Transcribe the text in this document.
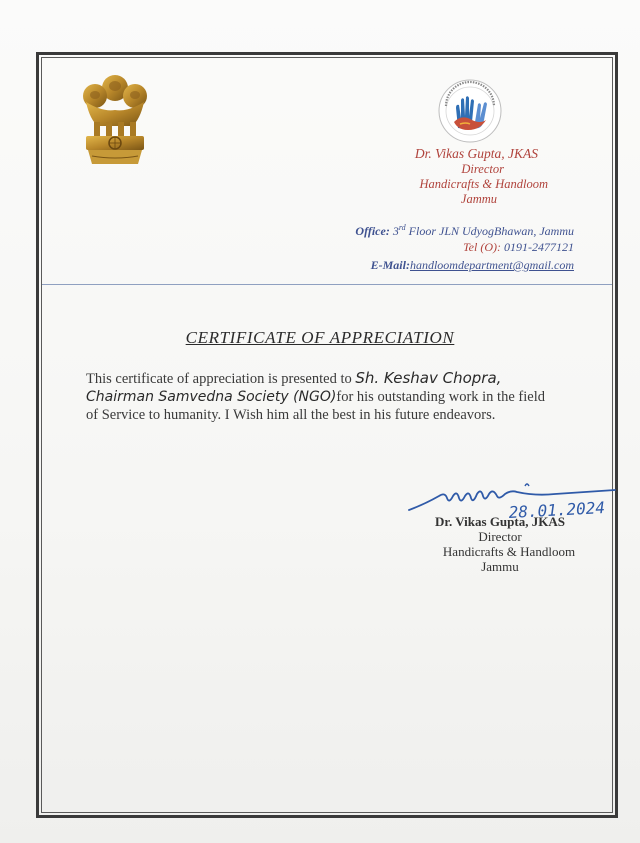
Dr. Vikas Gupta, JKAS
Director
Handicrafts & Handloom
Jammu
Office: 3rd Floor JLN UdyogBhawan, Jammu
Tel (O): 0191-2477121
E-Mail:handloomdepartment@gmail.com
CERTIFICATE OF APPRECIATION
This certificate of appreciation is presented to Sh. Keshav Chopra, Chairman Samvedna Society (NGO)for his outstanding work in the field of Service to humanity. I Wish him all the best in his future endeavors.
28.01.2024
Dr. Vikas Gupta, JKAS
Director
Handicrafts & Handloom
Jammu
